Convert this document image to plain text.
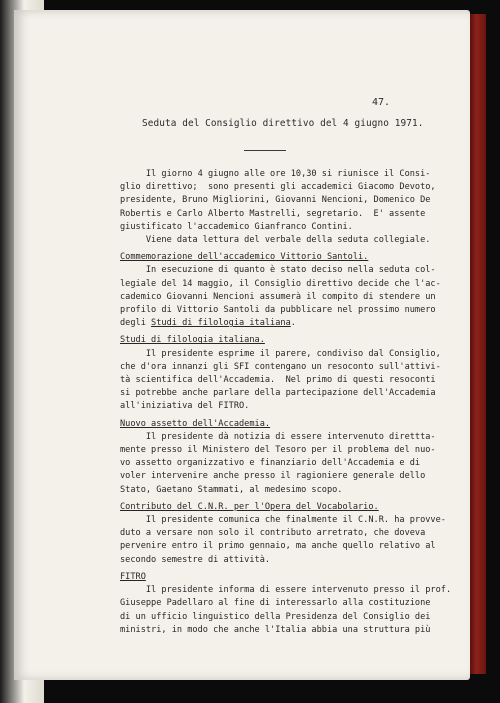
47.
Seduta del Consiglio direttivo del 4 giugno 1971.
Il giorno 4 giugno alle ore 10,30 si riunisce il Consi-
glio direttivo;  sono presenti gli accademici Giacomo Devoto,
presidente, Bruno Migliorini, Giovanni Nencioni, Domenico De
Robertis e Carlo Alberto Mastrelli, segretario.  E' assente
giustificato l'accademico Gianfranco Contini.
Viene data lettura del verbale della seduta collegiale.
Commemorazione dell'accademico Vittorio Santoli.
In esecuzione di quanto è stato deciso nella seduta col-
legiale del 14 maggio, il Consiglio direttivo decide che l'ac-
cademico Giovanni Nencioni assumerà il compito di stendere un
profilo di Vittorio Santoli da pubblicare nel prossimo numero
degli Studi di filologia italiana.
Studi di filologia italiana.
Il presidente esprime il parere, condiviso dal Consiglio,
che d'ora innanzi gli SFI contengano un resoconto sull'attivi-
tà scientifica dell'Accademia.  Nel primo di questi resoconti
si potrebbe anche parlare della partecipazione dell'Accademia
all'iniziativa del FITRO.
Nuovo assetto dell'Accademia.
Il presidente dà notizia di essere intervenuto direttta-
mente presso il Ministero del Tesoro per il problema del nuo-
vo assetto organizzativo e finanziario dell'Accademia e di
voler intervenire anche presso il ragioniere generale dello
Stato, Gaetano Stammati, al medesimo scopo.
Contributo del C.N.R. per l'Opera del Vocabolario.
Il presidente comunica che finalmente il C.N.R. ha provve-
duto a versare non solo il contributo arretrato, che doveva
pervenire entro il primo gennaio, ma anche quello relativo al
secondo semestre di attività.
FITRO
Il presidente informa di essere intervenuto presso il prof.
Giuseppe Padellaro al fine di interessarlo alla costituzione
di un ufficio linguistico della Presidenza del Consiglio dei
ministri, in modo che anche l'Italia abbia una struttura più
